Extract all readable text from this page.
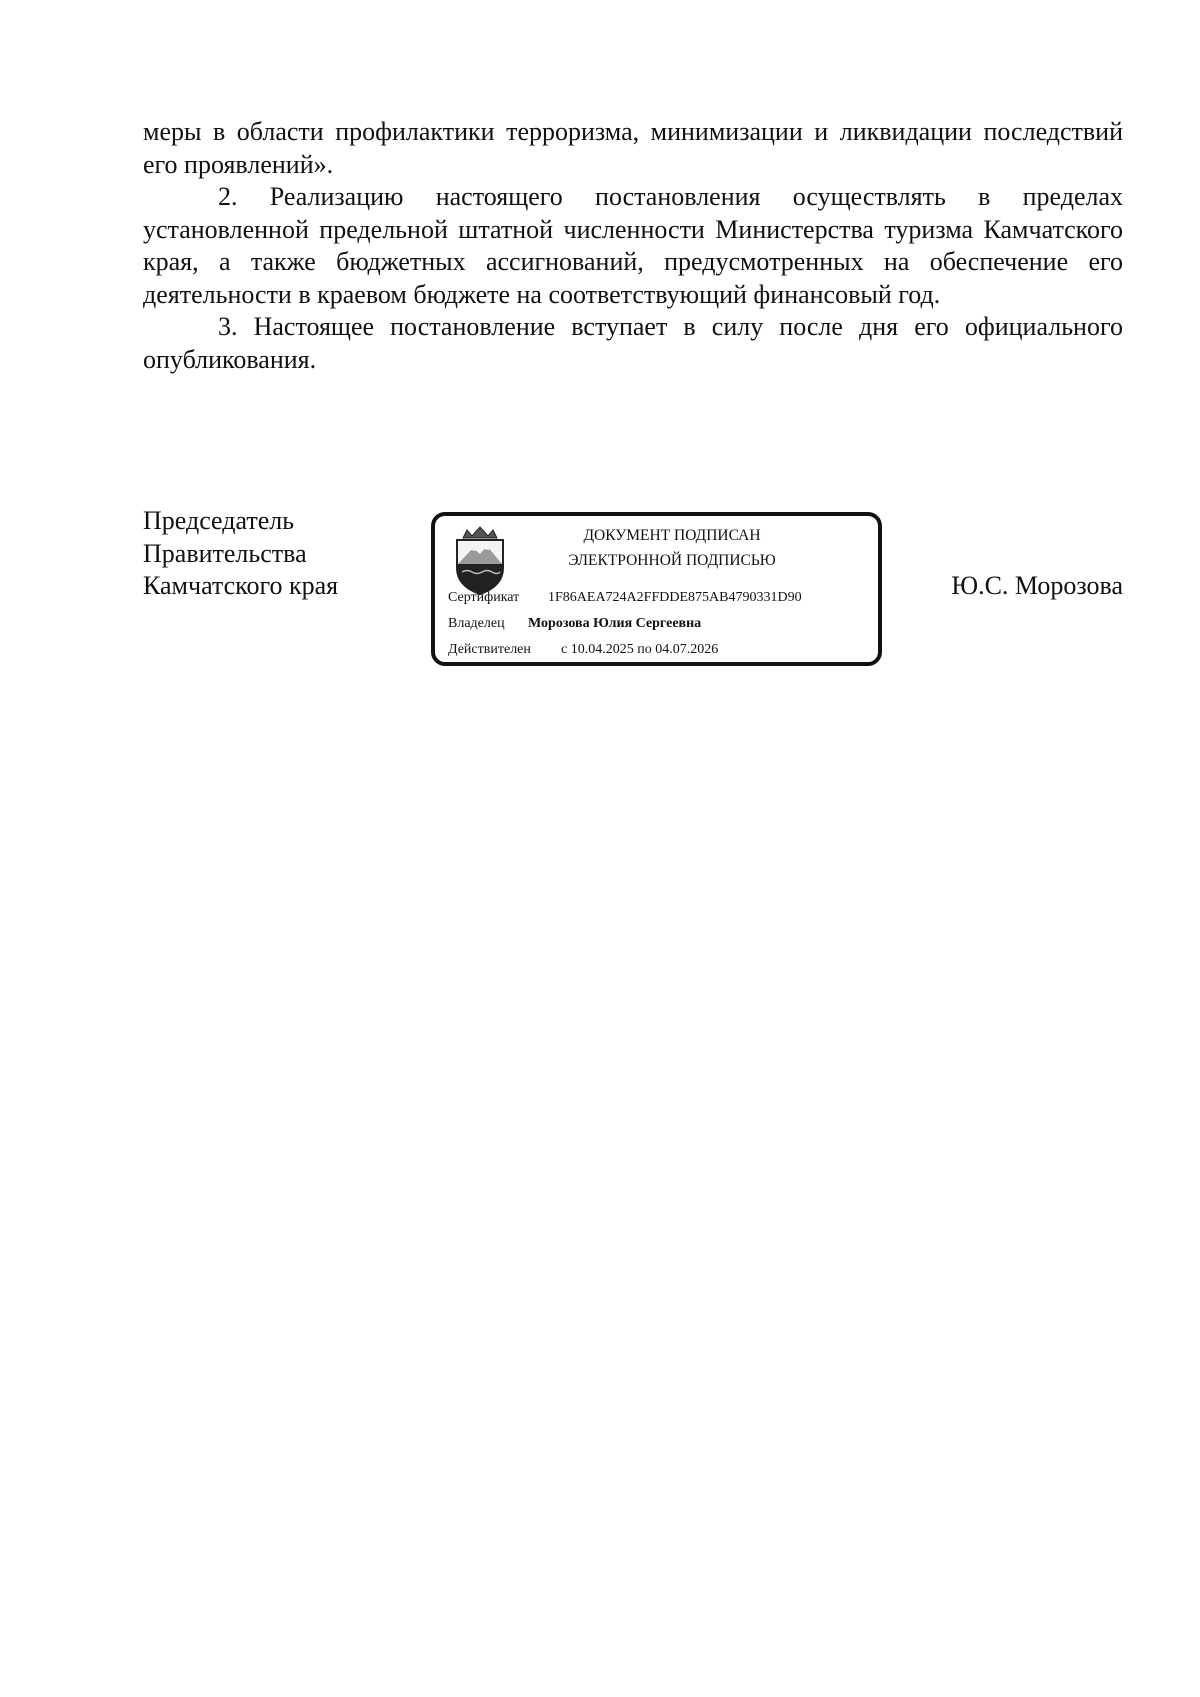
меры в области профилактики терроризма, минимизации и ликвидации последствий его проявлений».

2. Реализацию настоящего постановления осуществлять в пределах установленной предельной штатной численности Министерства туризма Камчатского края, а также бюджетных ассигнований, предусмотренных на обеспечение его деятельности в краевом бюджете на соответствующий финансовый год.

3. Настоящее постановление вступает в силу после дня его официального опубликования.

Председатель
Правительства
Камчатского края
ДОКУМЕНТ ПОДПИСАН
ЭЛЕКТРОННОЙ ПОДПИСЬЮ
Сертификат 1F86AEA724A2FFDDE875AB4790331D90
Владелец Морозова Юлия Сергеевна
Действителен с 10.04.2025 по 04.07.2026
Ю.С. Морозова
